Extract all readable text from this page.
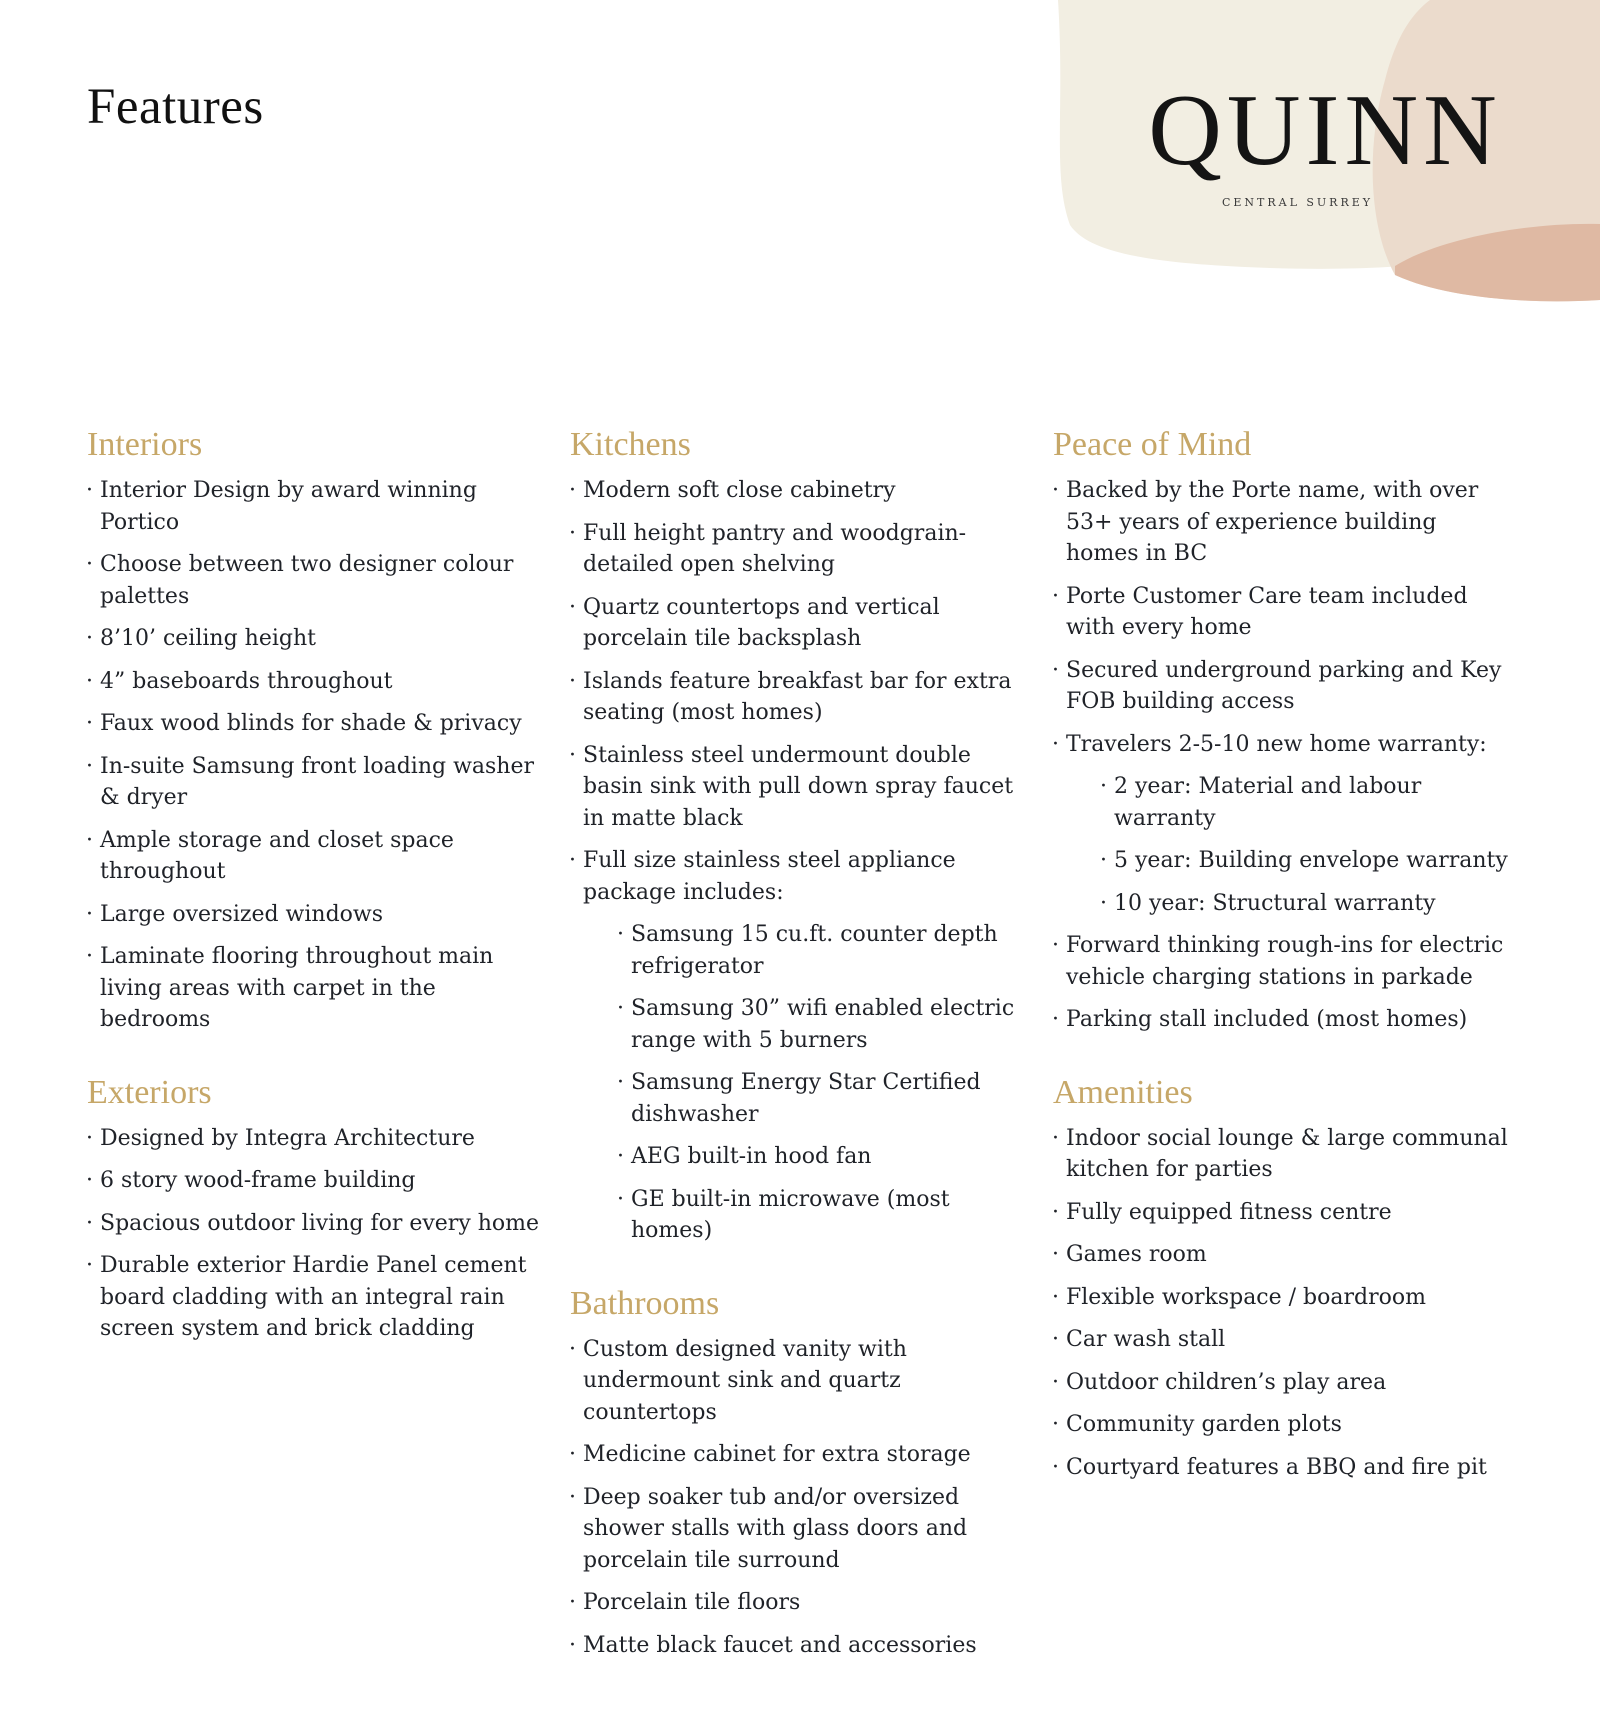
Features	QUINN
CENTRAL SURREY
Interiors
· Interior Design by award winning Portico
· Choose between two designer colour palettes
· 8’10’ ceiling height
· 4” baseboards throughout
· Faux wood blinds for shade & privacy
· In-suite Samsung front loading washer & dryer
· Ample storage and closet space throughout
· Large oversized windows
· Laminate flooring throughout main living areas with carpet in the bedrooms
Exteriors
· Designed by Integra Architecture
· 6 story wood-frame building
· Spacious outdoor living for every home
· Durable exterior Hardie Panel cement board cladding with an integral rain screen system and brick cladding
Kitchens
· Modern soft close cabinetry
· Full height pantry and woodgrain-detailed open shelving
· Quartz countertops and vertical porcelain tile backsplash
· Islands feature breakfast bar for extra seating (most homes)
· Stainless steel undermount double basin sink with pull down spray faucet in matte black
· Full size stainless steel appliance package includes:
· Samsung 15 cu.ft. counter depth refrigerator
· Samsung 30” wifi enabled electric range with 5 burners
· Samsung Energy Star Certified dishwasher
· AEG built-in hood fan
· GE built-in microwave (most homes)
Bathrooms
· Custom designed vanity with undermount sink and quartz countertops
· Medicine cabinet for extra storage
· Deep soaker tub and/or oversized shower stalls with glass doors and porcelain tile surround
· Porcelain tile floors
· Matte black faucet and accessories
Peace of Mind
· Backed by the Porte name, with over 53+ years of experience building homes in BC
· Porte Customer Care team included with every home
· Secured underground parking and Key FOB building access
· Travelers 2-5-10 new home warranty:
· 2 year: Material and labour warranty
· 5 year: Building envelope warranty
· 10 year: Structural warranty
· Forward thinking rough-ins for electric vehicle charging stations in parkade
· Parking stall included (most homes)
Amenities
· Indoor social lounge & large communal kitchen for parties
· Fully equipped fitness centre
· Games room
· Flexible workspace / boardroom
· Car wash stall
· Outdoor children’s play area
· Community garden plots
· Courtyard features a BBQ and fire pit
